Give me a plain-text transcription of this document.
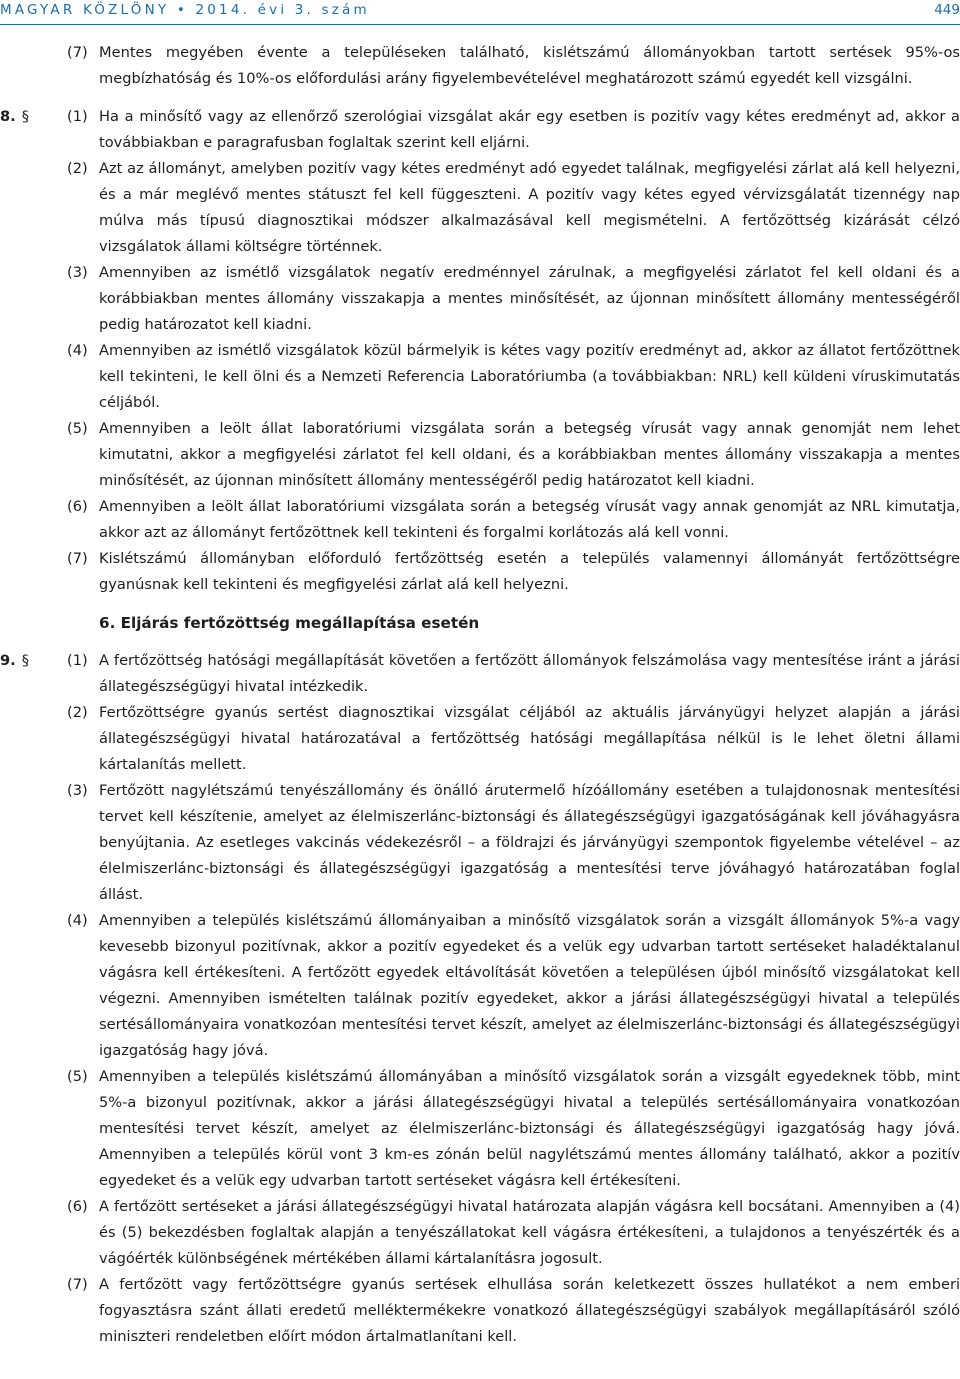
MAGYAR KÖZLÖNY • 2014. évi 3. szám	449

(7) Mentes megyében évente a településeken található, kislétszámú állományokban tartott sertések 95%-os megbízhatóság és 10%-os előfordulási arány figyelembevételével meghatározott számú egyedét kell vizsgálni.

8. §	(1) Ha a minősítő vagy az ellenőrző szerológiai vizsgálat akár egy esetben is pozitív vagy kétes eredményt ad, akkor a továbbiakban e paragrafusban foglaltak szerint kell eljárni.

(2) Azt az állományt, amelyben pozitív vagy kétes eredményt adó egyedet találnak, megfigyelési zárlat alá kell helyezni, és a már meglévő mentes státuszt fel kell függeszteni. A pozitív vagy kétes egyed vérvizsgálatát tizennégy nap múlva más típusú diagnosztikai módszer alkalmazásával kell megismételni. A fertőzöttség kizárását célzó vizsgálatok állami költségre történnek.

(3) Amennyiben az ismétlő vizsgálatok negatív eredménnyel zárulnak, a megfigyelési zárlatot fel kell oldani és a korábbiakban mentes állomány visszakapja a mentes minősítését, az újonnan minősített állomány mentességéről pedig határozatot kell kiadni.

(4) Amennyiben az ismétlő vizsgálatok közül bármelyik is kétes vagy pozitív eredményt ad, akkor az állatot fertőzöttnek kell tekinteni, le kell ölni és a Nemzeti Referencia Laboratóriumba (a továbbiakban: NRL) kell küldeni víruskimutatás céljából.

(5) Amennyiben a leölt állat laboratóriumi vizsgálata során a betegség vírusát vagy annak genomját nem lehet kimutatni, akkor a megfigyelési zárlatot fel kell oldani, és a korábbiakban mentes állomány visszakapja a mentes minősítését, az újonnan minősített állomány mentességéről pedig határozatot kell kiadni.

(6) Amennyiben a leölt állat laboratóriumi vizsgálata során a betegség vírusát vagy annak genomját az NRL kimutatja, akkor azt az állományt fertőzöttnek kell tekinteni és forgalmi korlátozás alá kell vonni.

(7) Kislétszámú állományban előforduló fertőzöttség esetén a település valamennyi állományát fertőzöttségre gyanúsnak kell tekinteni és megfigyelési zárlat alá kell helyezni.

6. Eljárás fertőzöttség megállapítása esetén

9. §	(1) A fertőzöttség hatósági megállapítását követően a fertőzött állományok felszámolása vagy mentesítése iránt a járási állategészségügyi hivatal intézkedik.

(2) Fertőzöttségre gyanús sertést diagnosztikai vizsgálat céljából az aktuális járványügyi helyzet alapján a járási állategészségügyi hivatal határozatával a fertőzöttség hatósági megállapítása nélkül is le lehet öletni állami kártalanítás mellett.

(3) Fertőzött nagylétszámú tenyészállomány és önálló árutermelő hízóállomány esetében a tulajdonosnak mentesítési tervet kell készítenie, amelyet az élelmiszerlánc-biztonsági és állategészségügyi igazgatóságának kell jóváhagyásra benyújtania. Az esetleges vakcinás védekezésről – a földrajzi és járványügyi szempontok figyelembe vételével – az élelmiszerlánc-biztonsági és állategészségügyi igazgatóság a mentesítési terve jóváhagyó határozatában foglal állást.

(4) Amennyiben a település kislétszámú állományaiban a minősítő vizsgálatok során a vizsgált állományok 5%-a vagy kevesebb bizonyul pozitívnak, akkor a pozitív egyedeket és a velük egy udvarban tartott sertéseket haladéktalanul vágásra kell értékesíteni. A fertőzött egyedek eltávolítását követően a településen újból minősítő vizsgálatokat kell végezni. Amennyiben ismételten találnak pozitív egyedeket, akkor a járási állategészségügyi hivatal a település sertésállományaira vonatkozóan mentesítési tervet készít, amelyet az élelmiszerlánc-biztonsági és állategészségügyi igazgatóság hagy jóvá.

(5) Amennyiben a település kislétszámú állományában a minősítő vizsgálatok során a vizsgált egyedeknek több, mint 5%-a bizonyul pozitívnak, akkor a járási állategészségügyi hivatal a település sertésállományaira vonatkozóan mentesítési tervet készít, amelyet az élelmiszerlánc-biztonsági és állategészségügyi igazgatóság hagy jóvá. Amennyiben a település körül vont 3 km-es zónán belül nagylétszámú mentes állomány található, akkor a pozitív egyedeket és a velük egy udvarban tartott sertéseket vágásra kell értékesíteni.

(6) A fertőzött sertéseket a járási állategészségügyi hivatal határozata alapján vágásra kell bocsátani. Amennyiben a (4) és (5) bekezdésben foglaltak alapján a tenyészállatokat kell vágásra értékesíteni, a tulajdonos a tenyészérték és a vágóérték különbségének mértékében állami kártalanításra jogosult.

(7) A fertőzött vagy fertőzöttségre gyanús sertések elhullása során keletkezett összes hullatékot a nem emberi fogyasztásra szánt állati eredetű melléktermékekre vonatkozó állategészségügyi szabályok megállapításáról szóló miniszteri rendeletben előírt módon ártalmatlanítani kell.
